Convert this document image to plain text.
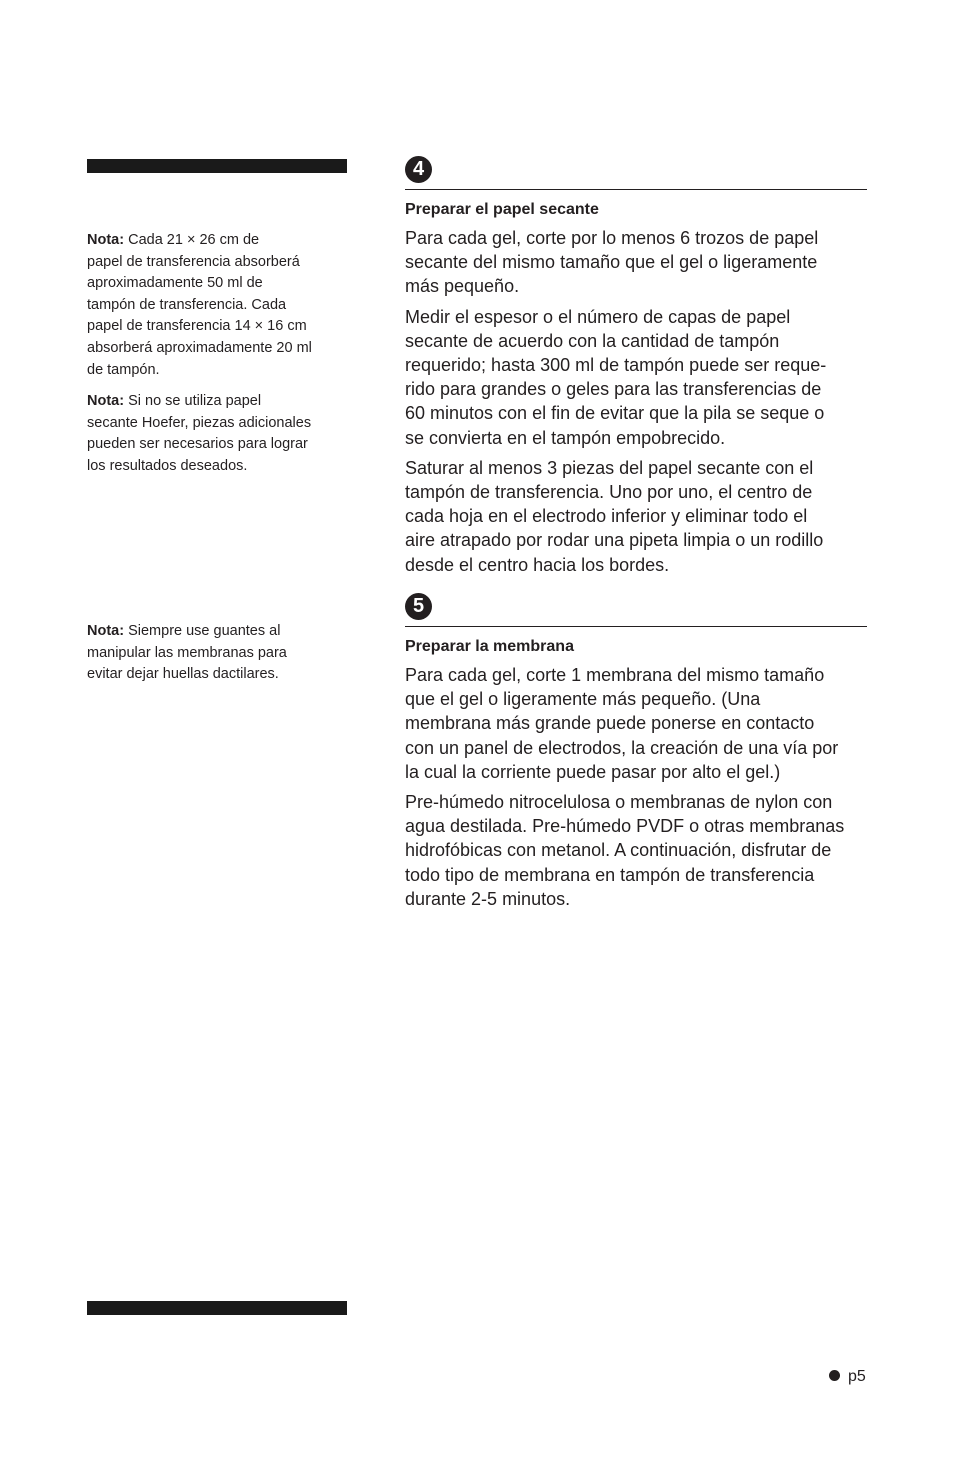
Nota: Cada 21 × 26 cm de
papel de transferencia absorberá
aproximadamente 50 ml de
tampón de transferencia. Cada
papel de transferencia 14 × 16 cm
absorberá aproximadamente 20 ml
de tampón.

Nota: Si no se utiliza papel
secante Hoefer, piezas adicionales
pueden ser necesarios para lograr
los resultados deseados.

Nota: Siempre use guantes al
manipular las membranas para
evitar dejar huellas dactilares.

4
Preparar el papel secante

Para cada gel, corte por lo menos 6 trozos de papel
secante del mismo tamaño que el gel o ligeramente
más pequeño.

Medir el espesor o el número de capas de papel
secante de acuerdo con la cantidad de tampón
requerido; hasta 300 ml de tampón puede ser reque-
rido para grandes o geles para las transferencias de
60 minutos con el fin de evitar que la pila se seque o
se convierta en el tampón empobrecido.

Saturar al menos 3 piezas del papel secante con el
tampón de transferencia. Uno por uno, el centro de
cada hoja en el electrodo inferior y eliminar todo el
aire atrapado por rodar una pipeta limpia o un rodillo
desde el centro hacia los bordes.

5
Preparar la membrana

Para cada gel, corte 1 membrana del mismo tamaño
que el gel o ligeramente más pequeño. (Una
membrana más grande puede ponerse en contacto
con un panel de electrodos, la creación de una vía por
la cual la corriente puede pasar por alto el gel.)

Pre-húmedo nitrocelulosa o membranas de nylon con
agua destilada. Pre-húmedo PVDF o otras membranas
hidrofóbicas con metanol. A continuación, disfrutar de
todo tipo de membrana en tampón de transferencia
durante 2-5 minutos.

p5
